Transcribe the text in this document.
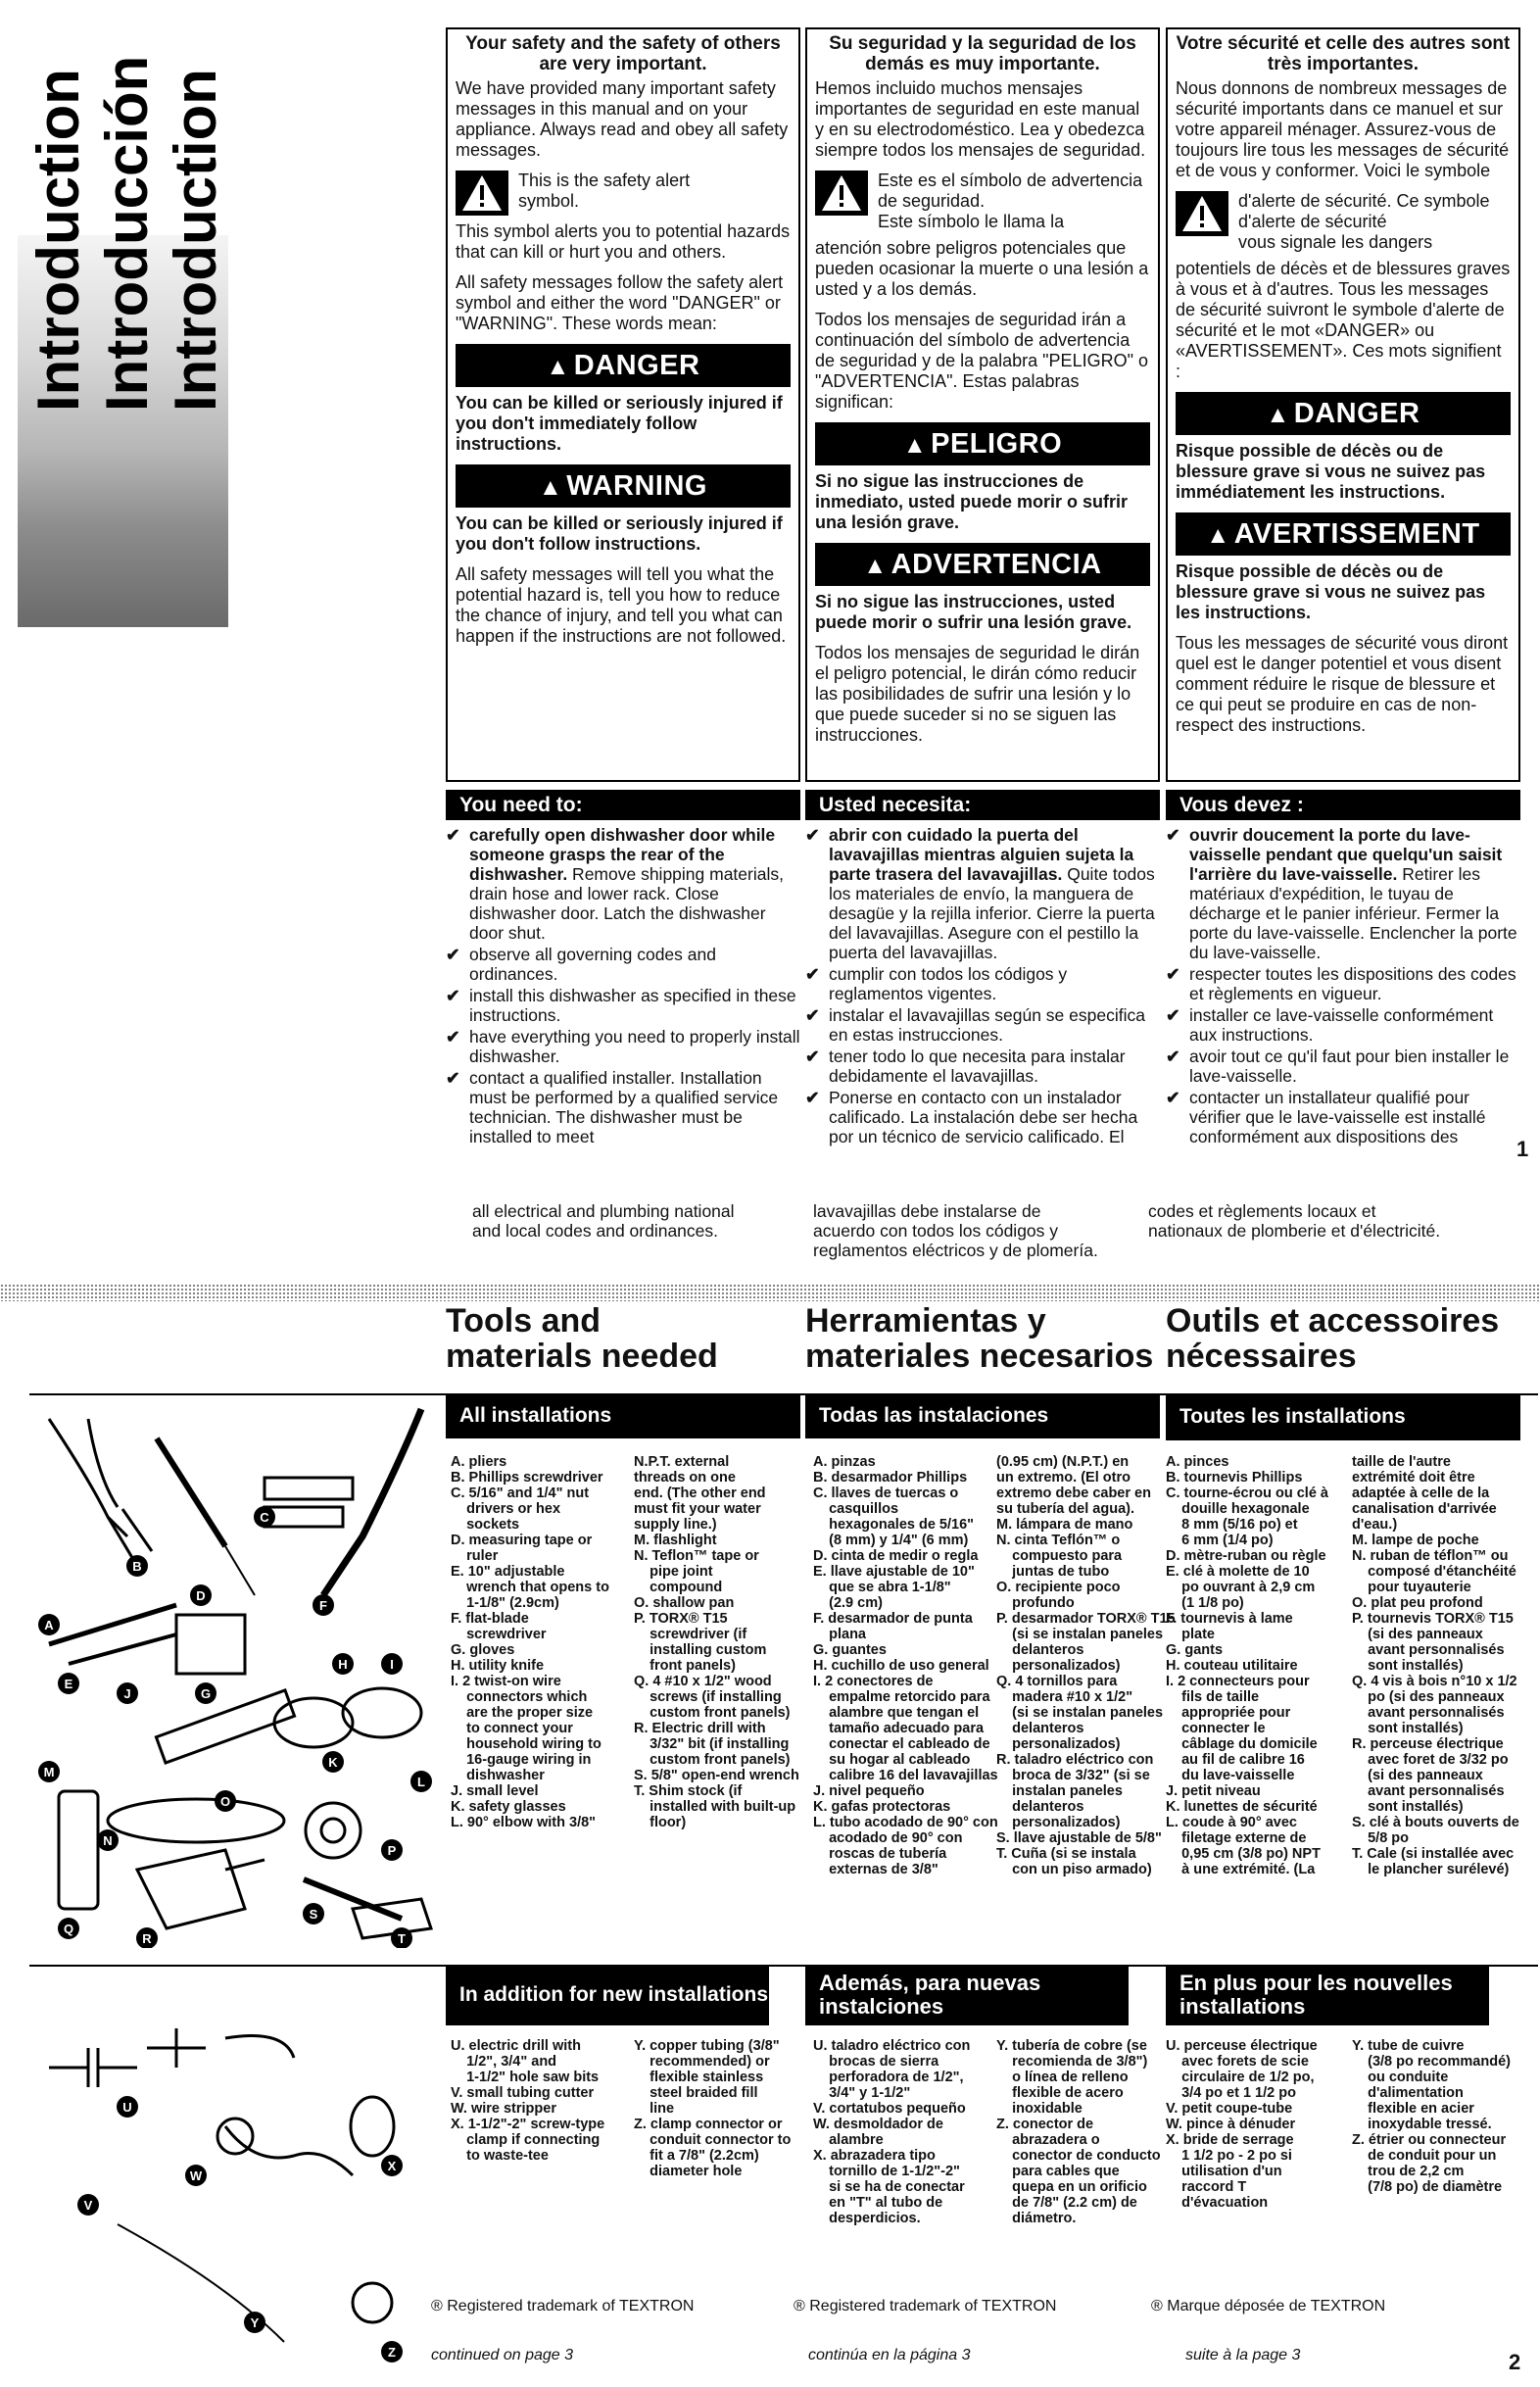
Introduction Introducción Introduction
Your safety and the safety of others are very important.

We have provided many important safety messages in this manual and on your appliance. Always read and obey all safety messages.

This is the safety alert
symbol.

This symbol alerts you to potential hazards that can kill or hurt you and others.

All safety messages follow the safety alert symbol and either the word "DANGER" or "WARNING". These words mean:

▲ DANGER

You can be killed or seriously injured if you don't immediately follow instructions.

▲ WARNING

You can be killed or seriously injured if you don't follow instructions.

All safety messages will tell you what the potential hazard is, tell you how to reduce the chance of injury, and tell you what can happen if the instructions are not followed.

Su seguridad y la seguridad de los demás es muy importante.

Hemos incluido muchos mensajes importantes de seguridad en este manual y en su electrodoméstico. Lea y obedezca siempre todos los mensajes de seguridad.

Este es el símbolo de advertencia de seguridad.
Este símbolo le llama la

atención sobre peligros potenciales que pueden ocasionar la muerte o una lesión a usted y a los demás.

Todos los mensajes de seguridad irán a continuación del símbolo de advertencia de seguridad y de la palabra "PELIGRO" o "ADVERTENCIA". Estas palabras significan:

▲ PELIGRO

Si no sigue las instrucciones de inmediato, usted puede morir o sufrir una lesión grave.

▲ ADVERTENCIA

Si no sigue las instrucciones, usted puede morir o sufrir una lesión grave.

Todos los mensajes de seguridad le dirán el peligro potencial, le dirán cómo reducir las posibilidades de sufrir una lesión y lo que puede suceder si no se siguen las instrucciones.

Votre sécurité et celle des autres sont très importantes.

Nous donnons de nombreux messages de sécurité importants dans ce manuel et sur votre appareil ménager. Assurez-vous de toujours lire tous les messages de sécurité et de vous y conformer. Voici le symbole

d'alerte de sécurité. Ce symbole d'alerte de sécurité
vous signale les dangers

potentiels de décès et de blessures graves à vous et à d'autres. Tous les messages de sécurité suivront le symbole d'alerte de sécurité et le mot «DANGER» ou «AVERTISSEMENT». Ces mots signifient :

▲ DANGER

Risque possible de décès ou de blessure grave si vous ne suivez pas immédiatement les instructions.

▲ AVERTISSEMENT

Risque possible de décès ou de blessure grave si vous ne suivez pas les instructions.

Tous les messages de sécurité vous diront quel est le danger potentiel et vous disent comment réduire le risque de blessure et ce qui peut se produire en cas de non-respect des instructions.

You need to:	Usted necesita:	Vous devez :
✔ carefully open dishwasher door while someone grasps the rear of the dishwasher. Remove shipping materials, drain hose and lower rack. Close dishwasher door. Latch the dishwasher door shut.
✔ observe all governing codes and ordinances.
✔ install this dishwasher as specified in these instructions.
✔ have everything you need to properly install dishwasher.
✔ contact a qualified installer. Installation must be performed by a qualified service technician. The dishwasher must be installed to meet
✔ abrir con cuidado la puerta del lavavajillas mientras alguien sujeta la parte trasera del lavavajillas. Quite todos los materiales de envío, la manguera de desagüe y la rejilla inferior. Cierre la puerta del lavavajillas. Asegure con el pestillo la puerta del lavavajillas.
✔ cumplir con todos los códigos y reglamentos vigentes.
✔ instalar el lavavajillas según se especifica en estas instrucciones.
✔ tener todo lo que necesita para instalar debidamente el lavavajillas.
✔ Ponerse en contacto con un instalador calificado. La instalación debe ser hecha por un técnico de servicio calificado. El
✔ ouvrir doucement la porte du lave-vaisselle pendant que quelqu'un saisit l'arrière du lave-vaisselle. Retirer les matériaux d'expédition, le tuyau de décharge et le panier inférieur. Fermer la porte du lave-vaisselle. Enclencher la porte du lave-vaisselle.
✔ respecter toutes les dispositions des codes et règlements en vigueur.
✔ installer ce lave-vaisselle conformément aux instructions.
✔ avoir tout ce qu'il faut pour bien installer le lave-vaisselle.
✔ contacter un installateur qualifié pour vérifier que le lave-vaisselle est installé conformément aux dispositions des	1
all electrical and plumbing national and local codes and ordinances.
lavavajillas debe instalarse de acuerdo con todos los códigos y reglamentos eléctricos y de plomería.
codes et règlements locaux et nationaux de plomberie et d'électricité.
Tools and
materials needed
Herramientas y
materiales necesarios
Outils et accessoires
nécessaires
All installations	Todas las instalaciones	Toutes les installations
A
B
C
D
E
F
G
H	I
J
K
L
M
N
O
P
Q
R
S
T
A. pliers
B. Phillips screwdriver
C. 5/16" and 1/4" nut
drivers or hex
sockets
D. measuring tape or
ruler
E. 10" adjustable
wrench that opens to
1-1/8" (2.9cm)
F. flat-blade
screwdriver
G. gloves
H. utility knife
I. 2 twist-on wire
connectors which
are the proper size
to connect your
household wiring to
16-gauge wiring in
dishwasher
J. small level
K. safety glasses
L. 90° elbow with 3/8"
N.P.T. external
threads on one
end. (The other end
must fit your water
supply line.)
M. flashlight
N. Teflon™ tape or
pipe joint
compound
O. shallow pan
P. TORX® T15
screwdriver (if
installing custom
front panels)
Q. 4 #10 x 1/2" wood
screws (if installing
custom front panels)
R. Electric drill with
3/32" bit (if installing
custom front panels)
S. 5/8" open-end wrench
T. Shim stock (if
installed with built-up
floor)
A. pinzas
B. desarmador Phillips
C. llaves de tuercas o
casquillos
hexagonales de 5/16"
(8 mm) y 1/4" (6 mm)
D. cinta de medir o regla
E. llave ajustable de 10"
que se abra 1-1/8"
(2.9 cm)
F. desarmador de punta
plana
G. guantes
H. cuchillo de uso general
I. 2 conectores de
empalme retorcido para
alambre que tengan el
tamaño adecuado para
conectar el cableado de
su hogar al cableado
calibre 16 del lavavajillas
J. nivel pequeño
K. gafas protectoras
L. tubo acodado de 90° con
acodado de 90° con
roscas de tubería
externas de 3/8"
(0.95 cm) (N.P.T.) en
un extremo. (El otro
extremo debe caber en
su tubería del agua).
M. lámpara de mano
N. cinta Teflón™ o
compuesto para
juntas de tubo
O. recipiente poco
profundo
P. desarmador TORX® T15
(si se instalan paneles
delanteros
personalizados)
Q. 4 tornillos para
madera #10 x 1/2"
(si se instalan paneles
delanteros
personalizados)
R. taladro eléctrico con
broca de 3/32" (si se
instalan paneles
delanteros
personalizados)
S. llave ajustable de 5/8"
T. Cuña (si se instala
con un piso armado)
A. pinces
B. tournevis Phillips
C. tourne-écrou ou clé à
douille hexagonale
8 mm (5/16 po) et
6 mm (1/4 po)
D. mètre-ruban ou règle
E. clé à molette de 10
po ouvrant à 2,9 cm
(1 1/8 po)
F. tournevis à lame
plate
G. gants
H. couteau utilitaire
I. 2 connecteurs pour
fils de taille
appropriée pour
connecter le
câblage du domicile
au fil de calibre 16
du lave-vaisselle
J. petit niveau
K. lunettes de sécurité
L. coude à 90° avec
filetage externe de
0,95 cm (3/8 po) NPT
à une extrémité. (La
taille de l'autre
extrémité doit être
adaptée à celle de la
canalisation d'arrivée
d'eau.)
M. lampe de poche
N. ruban de téflon™ ou
composé d'étanchéité
pour tuyauterie
O. plat peu profond
P. tournevis TORX® T15
(si des panneaux
avant personnalisés
sont installés)
Q. 4 vis à bois n°10 x 1/2
po (si des panneaux
avant personnalisés
sont installés)
R. perceuse électrique
avec foret de 3/32 po
(si des panneaux
avant personnalisés
sont installés)
S. clé à bouts ouverts de
5/8 po
T. Cale (si installée avec
le plancher surélevé)
In addition for new installations	Además, para nuevas instalciones
En plus pour les nouvelles installations
U
V
W
X
Y
Z
U. electric drill with
1/2", 3/4" and
1-1/2" hole saw bits
V. small tubing cutter
W. wire stripper
X. 1-1/2"-2" screw-type
clamp if connecting
to waste-tee
Y. copper tubing (3/8"
recommended) or
flexible stainless
steel braided fill
line
Z. clamp connector or
conduit connector to
fit a 7/8" (2.2cm)
diameter hole
U. taladro eléctrico con
brocas de sierra
perforadora de 1/2",
3/4" y 1-1/2"
V. cortatubos pequeño
W. desmoldador de
alambre
X. abrazadera tipo
tornillo de 1-1/2"-2"
si se ha de conectar
en "T" al tubo de
desperdicios.
Y. tubería de cobre (se
recomienda de 3/8")
o línea de relleno
flexible de acero
inoxidable
Z. conector de
abrazadera o
conector de conducto
para cables que
quepa en un orificio
de 7/8" (2.2 cm) de
diámetro.
U. perceuse électrique
avec forets de scie
circulaire de 1/2 po,
3/4 po et 1 1/2 po
V. petit coupe-tube
W. pince à dénuder
X. bride de serrage
1 1/2 po - 2 po si
utilisation d'un
raccord T
d'évacuation
Y. tube de cuivre
(3/8 po recommandé)
ou conduite
d'alimentation
flexible en acier
inoxydable tressé.
Z. étrier ou connecteur
de conduit pour un
trou de 2,2 cm
(7/8 po) de diamètre
® Registered trademark of TEXTRON	® Registered trademark of TEXTRON	® Marque déposée de TEXTRON
continued on page 3	continúa en la página 3	suite à la page 3	2
